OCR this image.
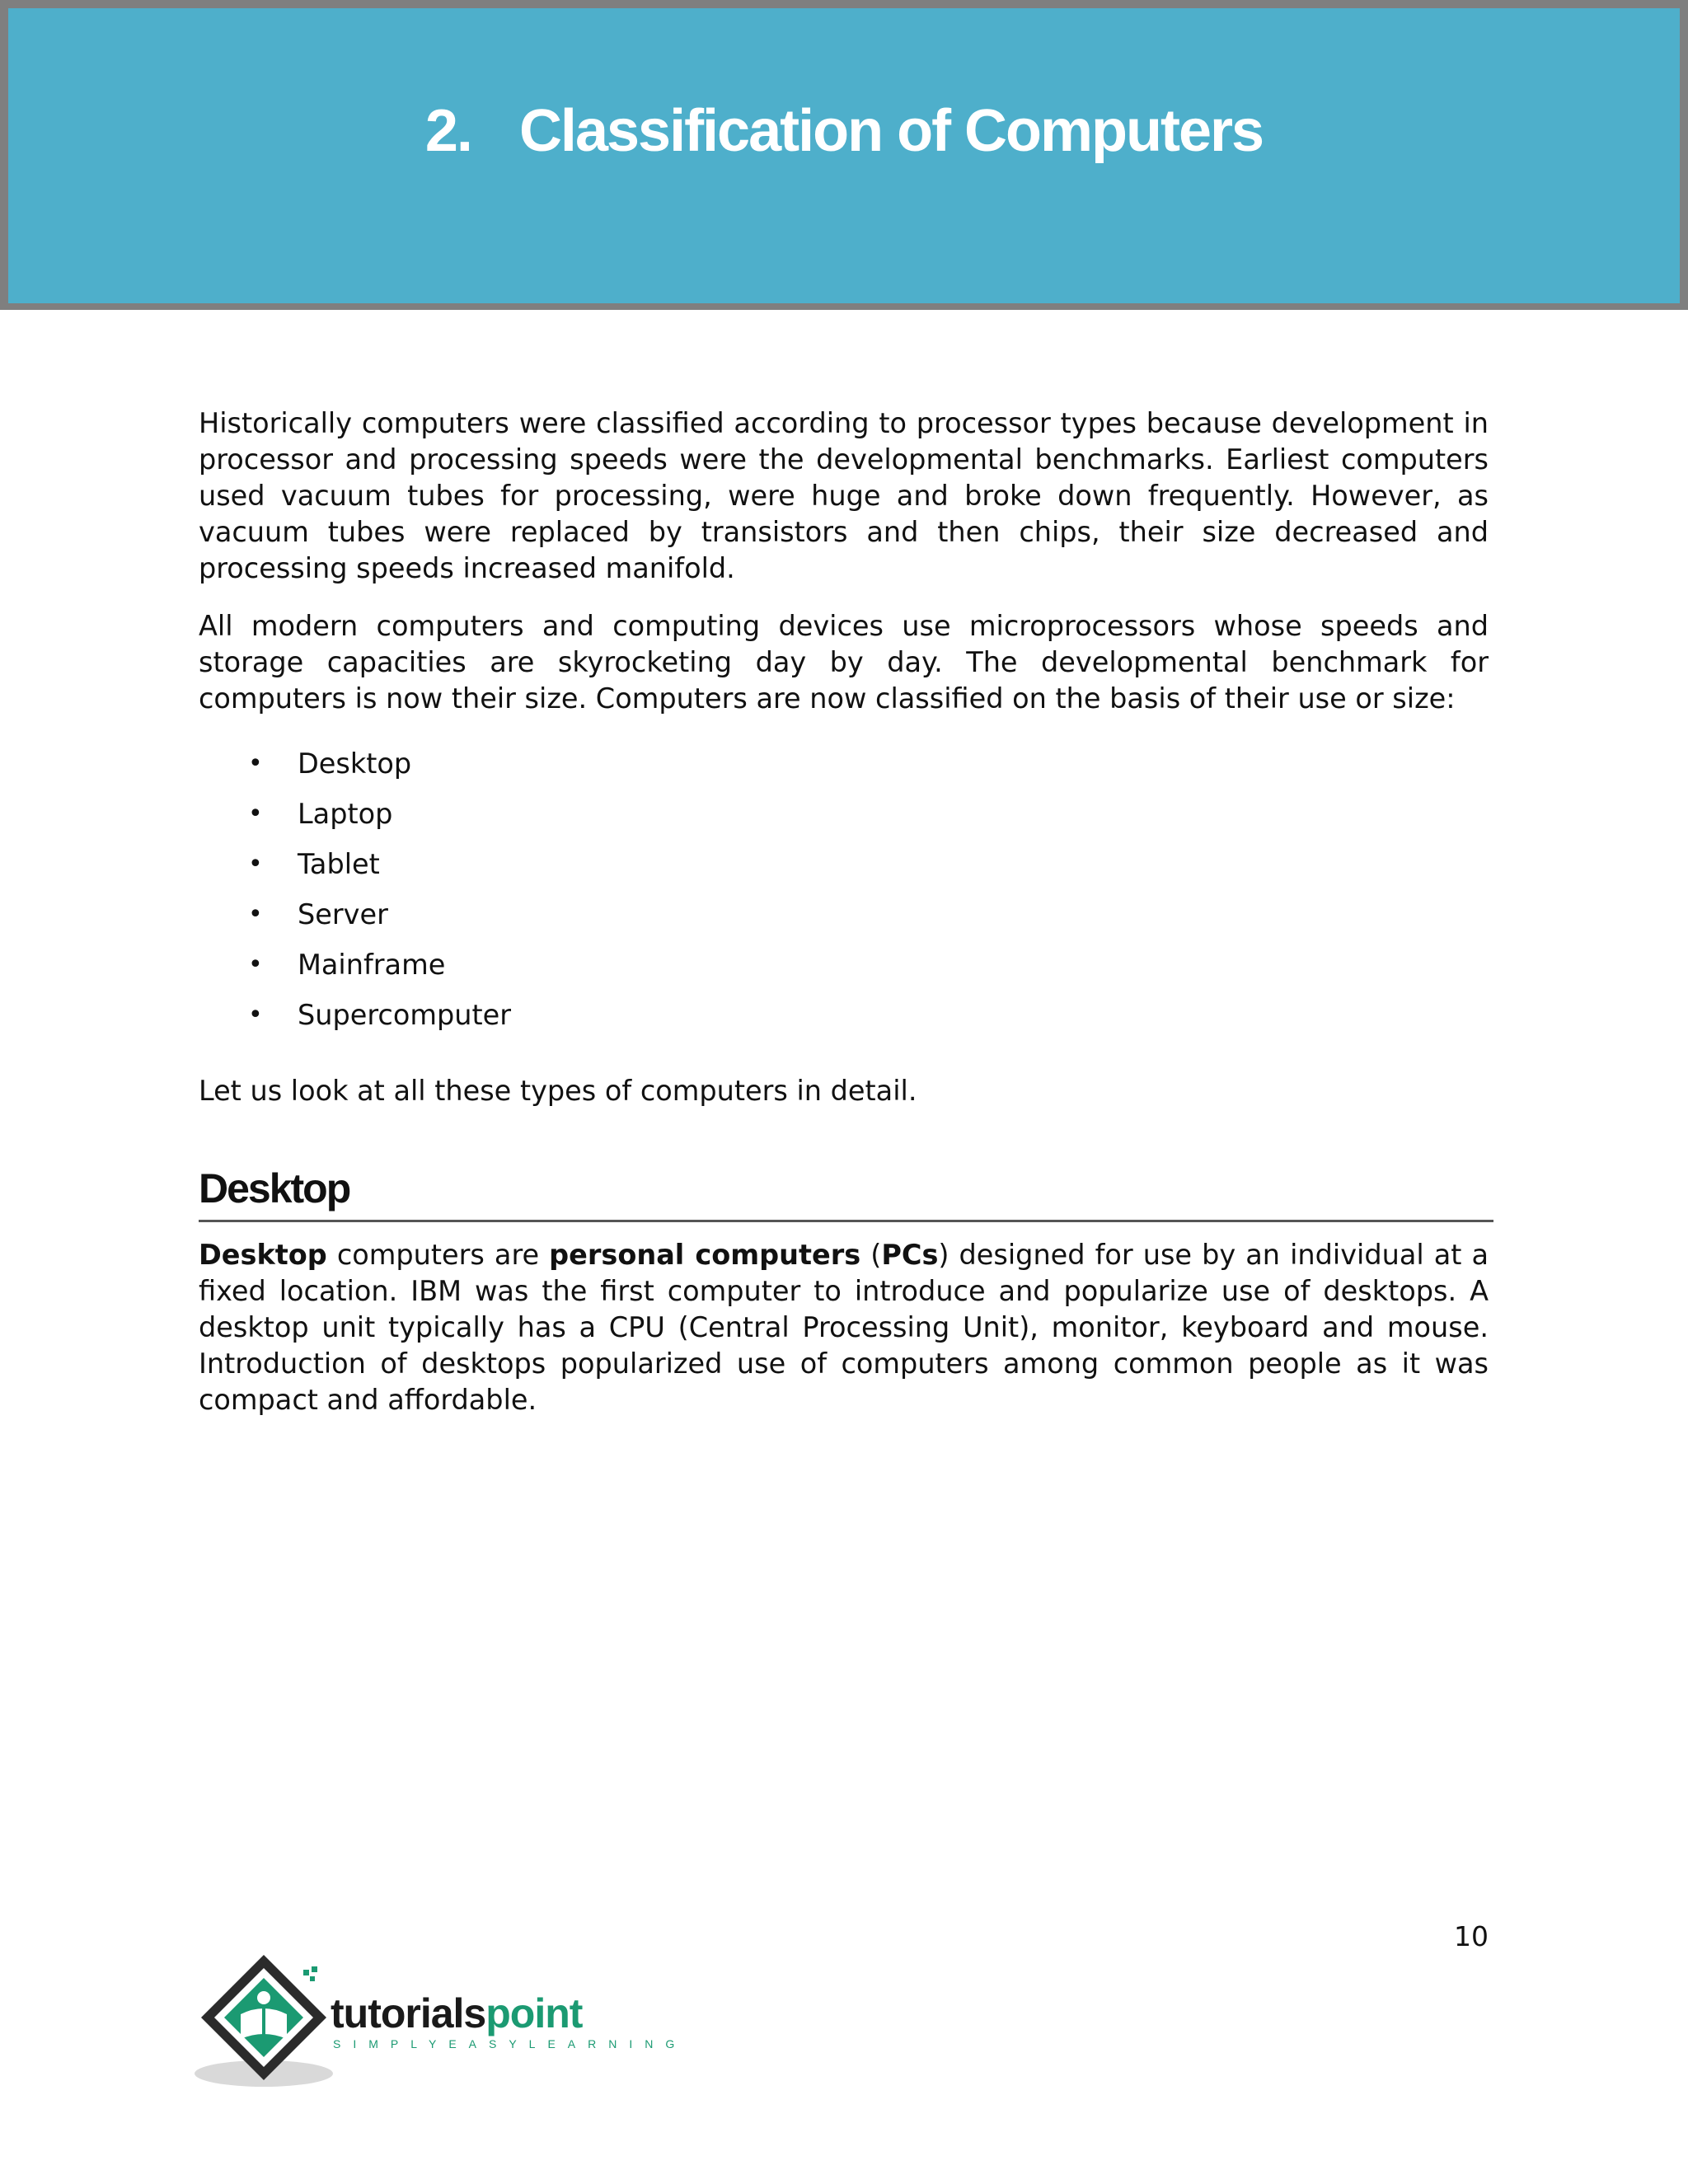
2. Classification of Computers

Historically computers were classified according to processor types because development in processor and processing speeds were the developmental benchmarks. Earliest computers used vacuum tubes for processing, were huge and broke down frequently. However, as vacuum tubes were replaced by transistors and then chips, their size decreased and processing speeds increased manifold.

All modern computers and computing devices use microprocessors whose speeds and storage capacities are skyrocketing day by day. The developmental benchmark for computers is now their size. Computers are now classified on the basis of their use or size:

• Desktop
• Laptop
• Tablet
• Server
• Mainframe
• Supercomputer

Let us look at all these types of computers in detail.

Desktop

Desktop computers are personal computers (PCs) designed for use by an individual at a fixed location. IBM was the first computer to introduce and popularize use of desktops. A desktop unit typically has a CPU (Central Processing Unit), monitor, keyboard and mouse. Introduction of desktops popularized use of computers among common people as it was compact and affordable.

10
tutorialspoint
SIMPLYEASYLEARNING
